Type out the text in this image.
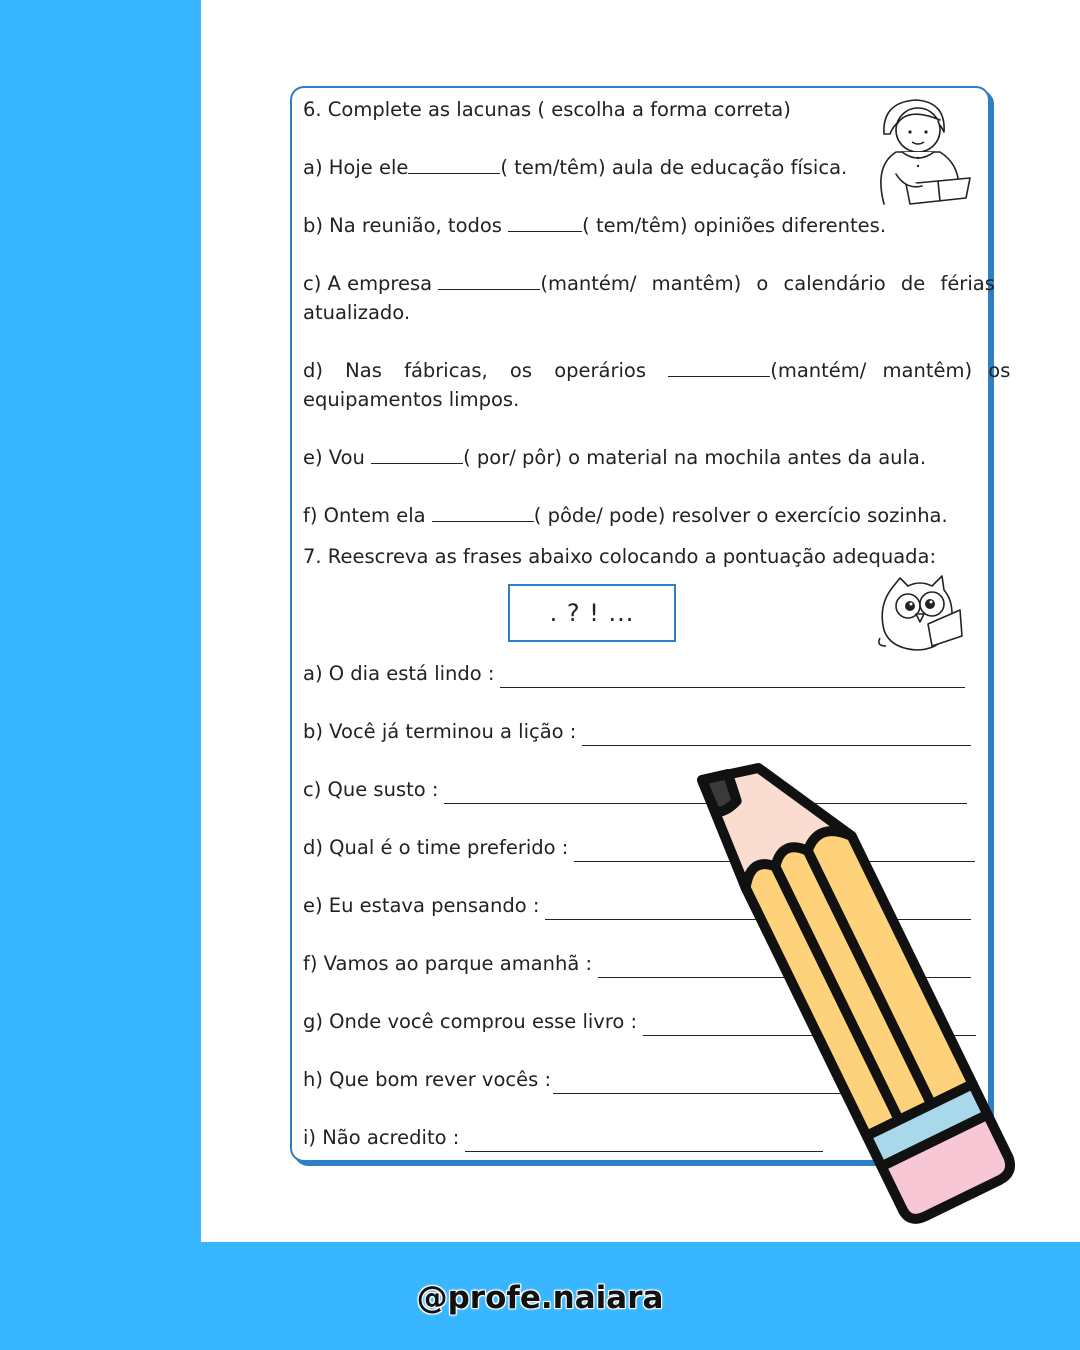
6. Complete as lacunas ( escolha a forma correta)
a) Hoje ele	( tem/têm) aula de educação física.
b) Na reunião, todos	( tem/têm) opiniões diferentes.
c) A empresa	(mantém/ mantêm) o calendário de férias
atualizado.
d) Nas fábricas, os operários	(mantém/ mantêm) os
equipamentos limpos.
e) Vou	( por/ pôr) o material na mochila antes da aula.
f) Ontem ela	( pôde/ pode) resolver o exercício sozinha.
7. Reescreva as frases abaixo colocando a pontuação adequada:
. ? ! ...
a) O dia está lindo :
b) Você já terminou a lição :
c) Que susto :
d) Qual é o time preferido :
e) Eu estava pensando :
f) Vamos ao parque amanhã :
g) Onde você comprou esse livro :
h) Que bom rever vocês :
i) Não acredito :
@profe.naiara
